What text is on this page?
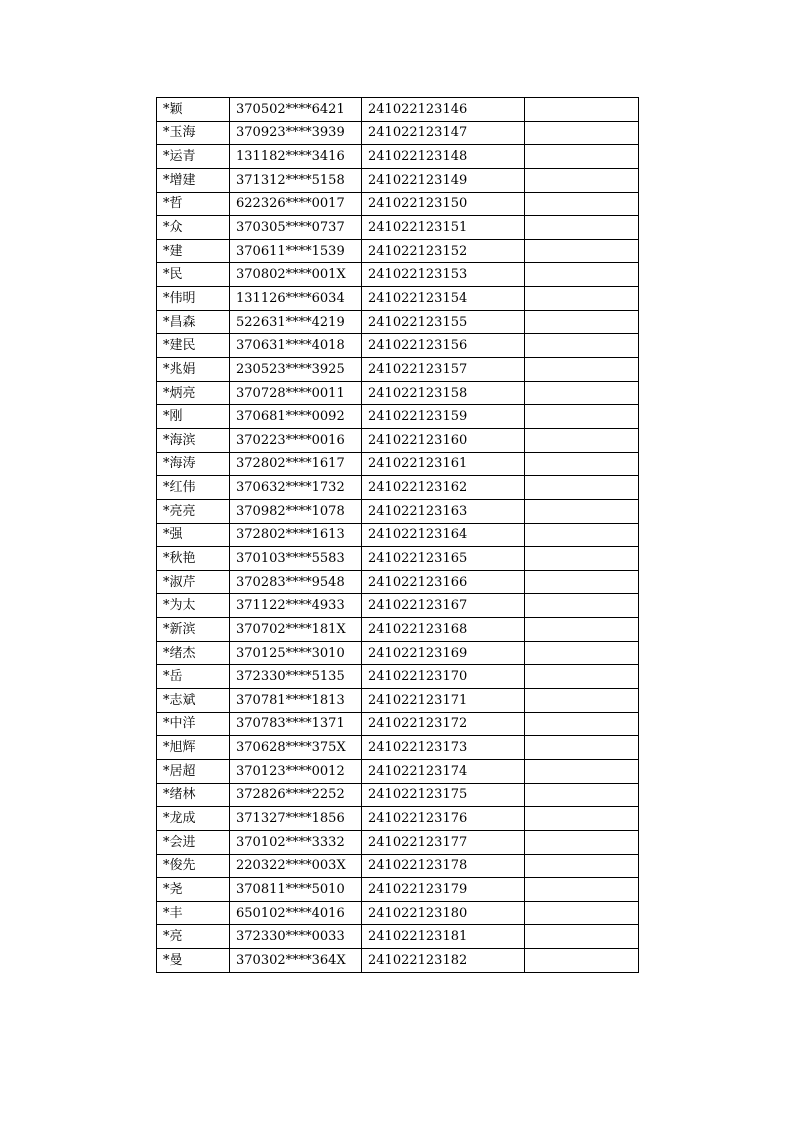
*颖	370502****6421	241022123146	
*玉海	370923****3939	241022123147	
*运青	131182****3416	241022123148	
*增建	371312****5158	241022123149	
*哲	622326****0017	241022123150	
*众	370305****0737	241022123151	
*建	370611****1539	241022123152	
*民	370802****001X	241022123153	
*伟明	131126****6034	241022123154	
*昌森	522631****4219	241022123155	
*建民	370631****4018	241022123156	
*兆娟	230523****3925	241022123157	
*炳亮	370728****0011	241022123158	
*刚	370681****0092	241022123159	
*海滨	370223****0016	241022123160	
*海涛	372802****1617	241022123161	
*红伟	370632****1732	241022123162	
*亮亮	370982****1078	241022123163	
*强	372802****1613	241022123164	
*秋艳	370103****5583	241022123165	
*淑芹	370283****9548	241022123166	
*为太	371122****4933	241022123167	
*新滨	370702****181X	241022123168	
*绪杰	370125****3010	241022123169	
*岳	372330****5135	241022123170	
*志斌	370781****1813	241022123171	
*中洋	370783****1371	241022123172	
*旭辉	370628****375X	241022123173	
*居超	370123****0012	241022123174	
*绪林	372826****2252	241022123175	
*龙成	371327****1856	241022123176	
*会进	370102****3332	241022123177	
*俊先	220322****003X	241022123178	
*尧	370811****5010	241022123179	
*丰	650102****4016	241022123180	
*亮	372330****0033	241022123181	
*曼	370302****364X	241022123182	
